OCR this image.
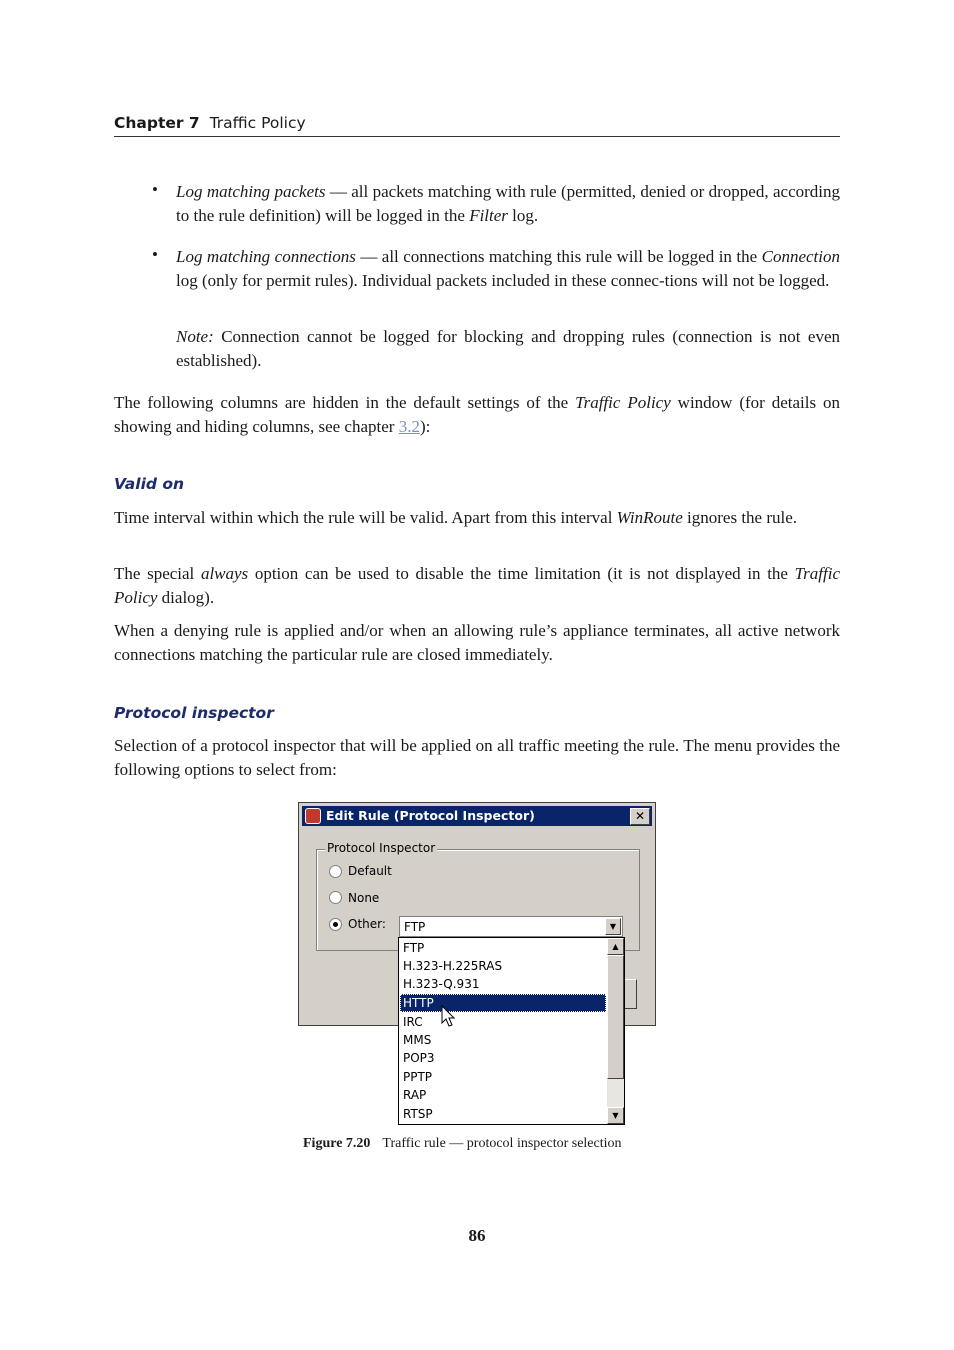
Chapter 7 Traffic Policy
• Log matching packets — all packets matching with rule (permitted, denied or dropped, according to the rule definition) will be logged in the Filter log.
• Log matching connections — all connections matching this rule will be logged in the Connection log (only for permit rules). Individual packets included in these connec-tions will not be logged.
Note: Connection cannot be logged for blocking and dropping rules (connection is not even established).
The following columns are hidden in the default settings of the Traffic Policy window (for details on showing and hiding columns, see chapter 3.2):
Valid on
Time interval within which the rule will be valid. Apart from this interval WinRoute ignores the rule.
The special always option can be used to disable the time limitation (it is not displayed in the Traffic Policy dialog).
When a denying rule is applied and/or when an allowing rule’s appliance terminates, all active network connections matching the particular rule are closed immediately.
Protocol inspector
Selection of a protocol inspector that will be applied on all traffic meeting the rule. The menu provides the following options to select from:
Edit Rule (Protocol Inspector)	✕
Protocol Inspector
Default
None
Other: FTP	▼
FTP
H.323-H.225RAS
H.323-Q.931
HTTP
IRC
MMS
POP3
PPTP
RAP
RTSP
▲
▼
Figure 7.20 Traffic rule — protocol inspector selection
86
